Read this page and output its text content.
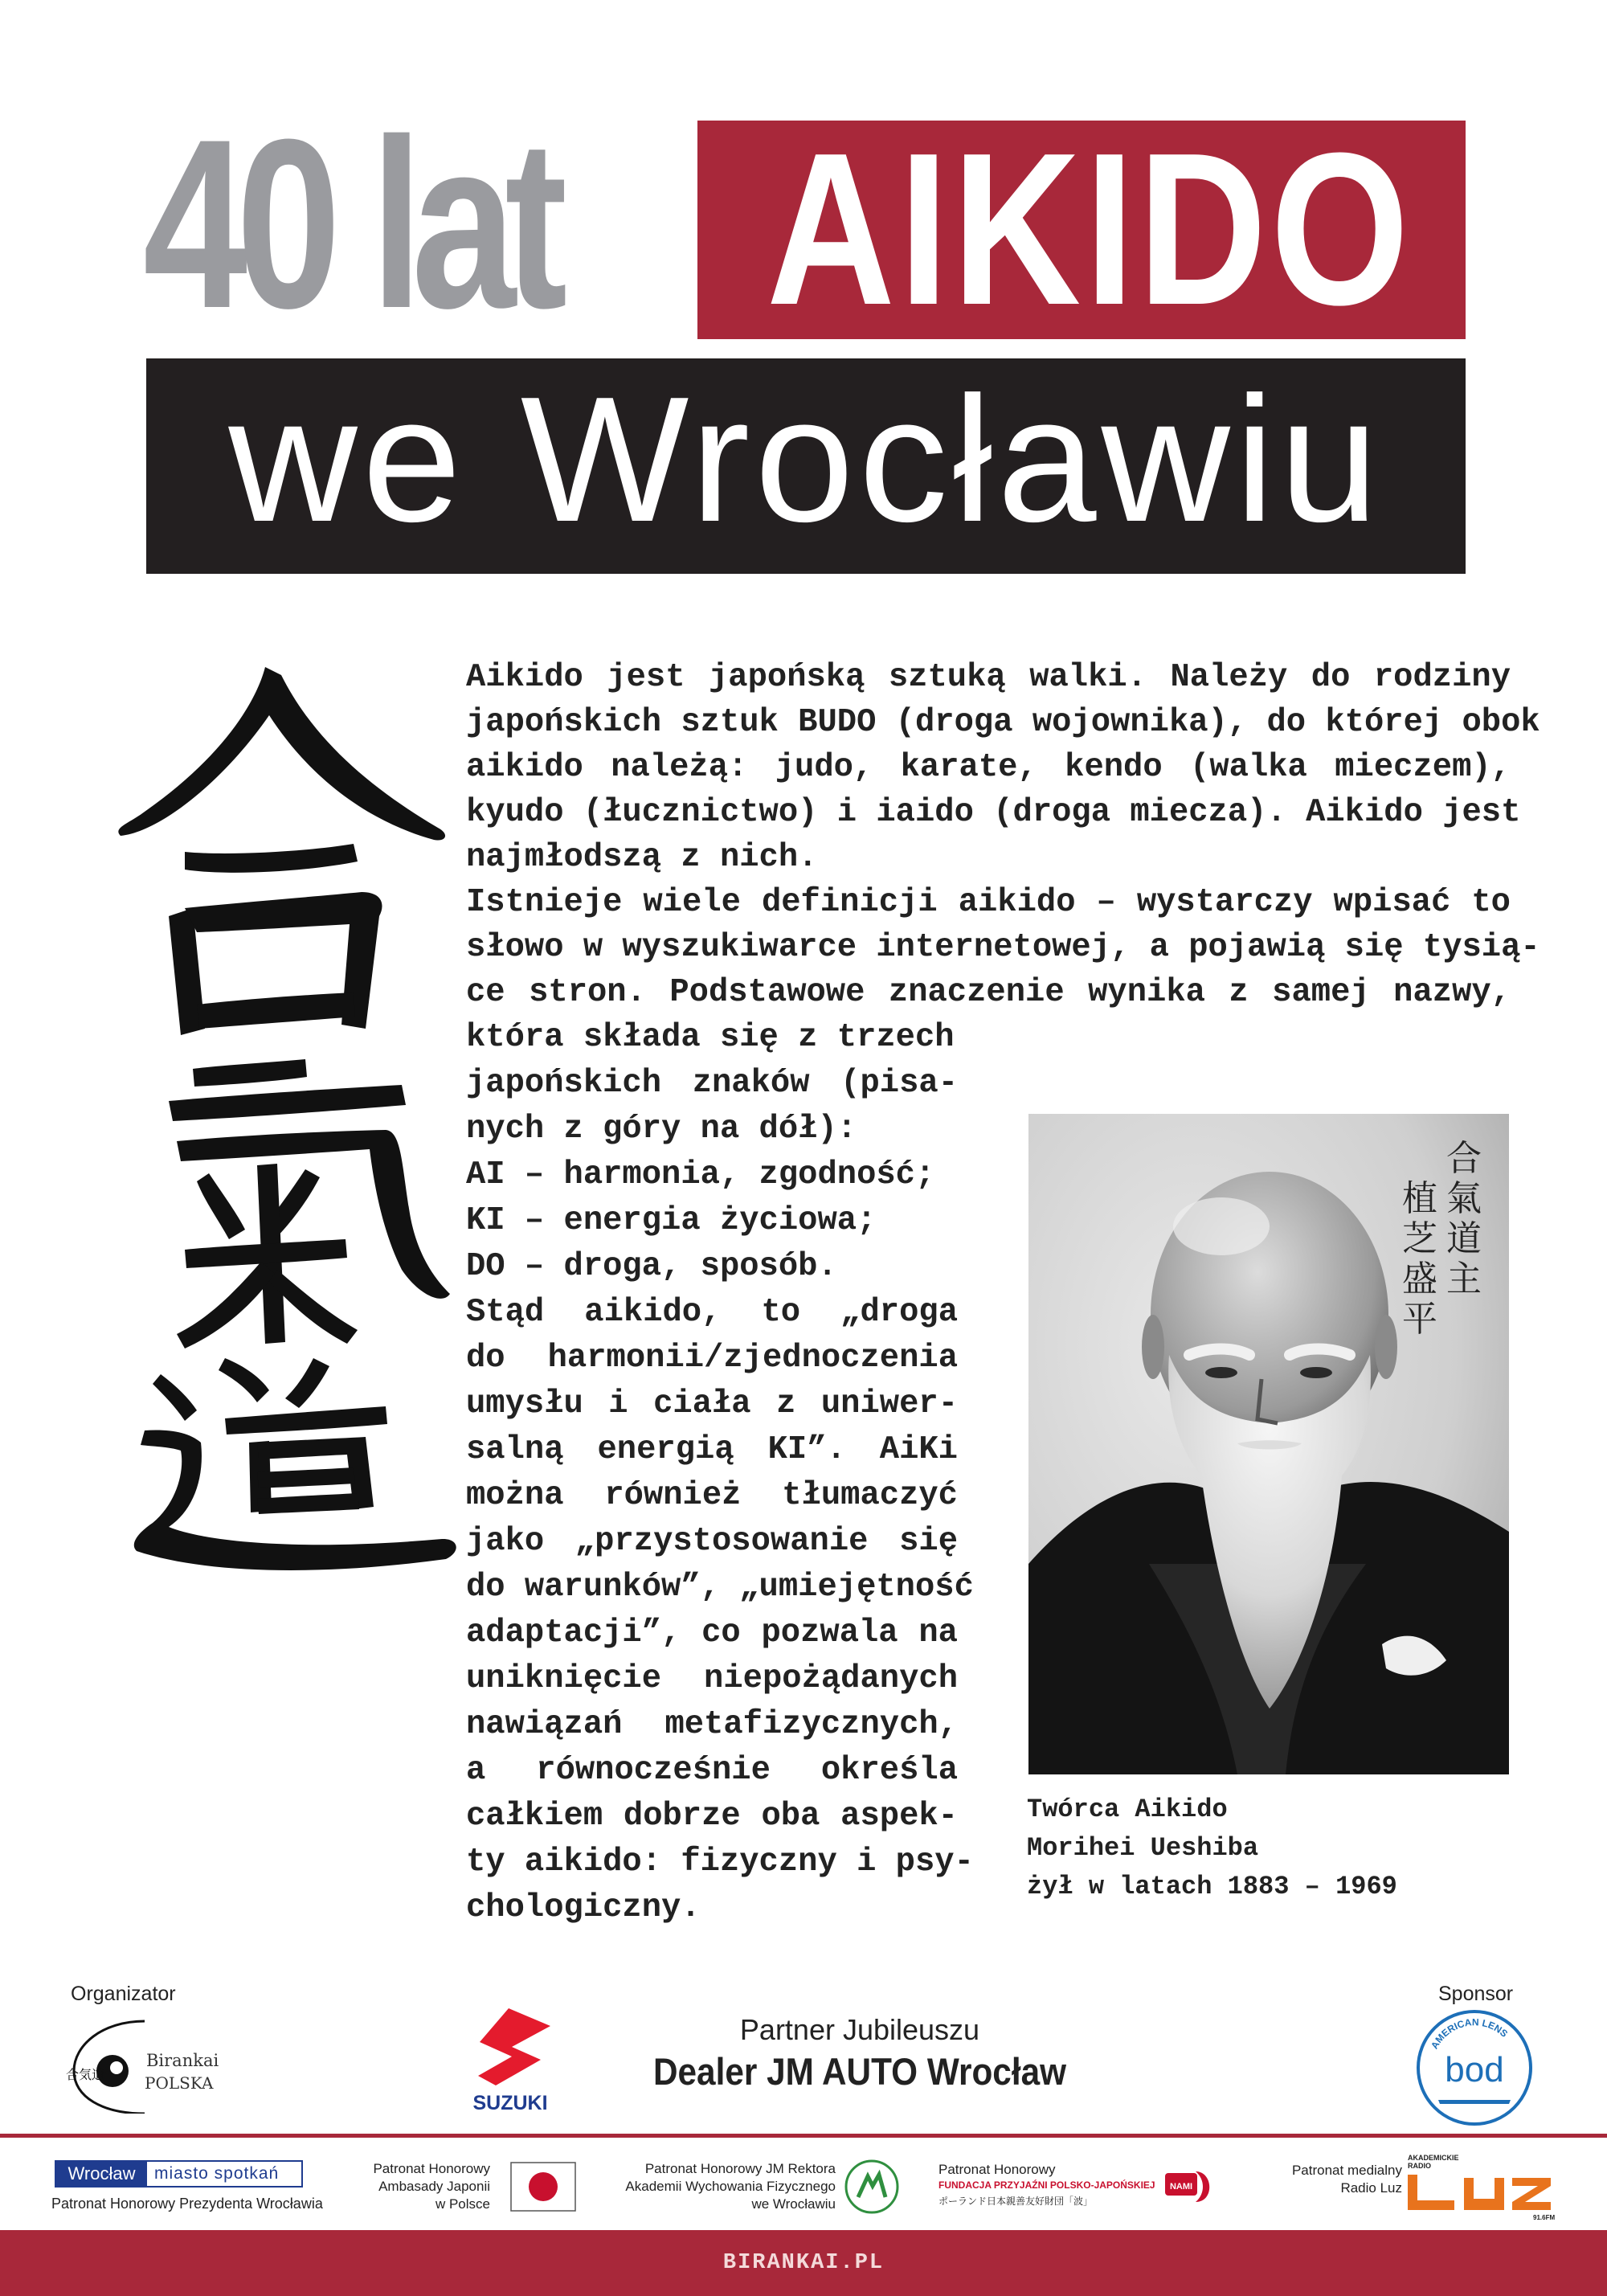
40 lat AIKIDO
we Wrocławiu
Aikido jest japońską sztuką walki. Należy do rodziny
japońskich sztuk BUDO (droga wojownika), do której obok
aikido należą: judo, karate, kendo (walka mieczem),
kyudo (łucznictwo) i iaido (droga miecza). Aikido jest
najmłodszą z nich.
Istnieje wiele definicji aikido – wystarczy wpisać to
słowo w wyszukiwarce internetowej, a pojawią się tysią-
ce stron. Podstawowe znaczenie wynika z samej nazwy,
która składa się z trzech
japońskich znaków (pisa-
nych z góry na dół):
AI – harmonia, zgodność;
KI – energia życiowa;
DO – droga, sposób.
Stąd aikido, to „droga
do harmonii/zjednoczenia
umysłu i ciała z uniwer-
salną energią KI”. AiKi
można również tłumaczyć
jako „przystosowanie się
do warunków”, „umiejętność
adaptacji”, co pozwala na
uniknięcie niepożądanych
nawiązań metafizycznych,
a równocześnie określa
całkiem dobrze oba aspek-
ty aikido: fizyczny i psy-
chologiczny.
合
氣
道
主
植
芝
盛
平
Twórca Aikido
Morihei Ueshiba
żył w latach 1883 – 1969
Organizator
合気道
Birankai
POLSKA
SUZUKI
Partner Jubileuszu
Dealer JM AUTO Wrocław
Sponsor
AMERICAN LENS
bod
Wrocław	miasto spotkań
Patronat Honorowy Prezydenta Wrocławia
Patronat Honorowy
Ambasady Japonii
w Polsce
Patronat Honorowy JM Rektora
Akademii Wychowania Fizycznego
we Wrocławiu
Patronat Honorowy
FUNDACJA PRZYJAŹNI POLSKO-JAPOŃSKIEJ
ポーランド日本親善友好財団「波」
NAMI
Patronat medialny
Radio Luz
AKADEMICKIE
RADIO
91.6FM
BIRANKAI.PL
